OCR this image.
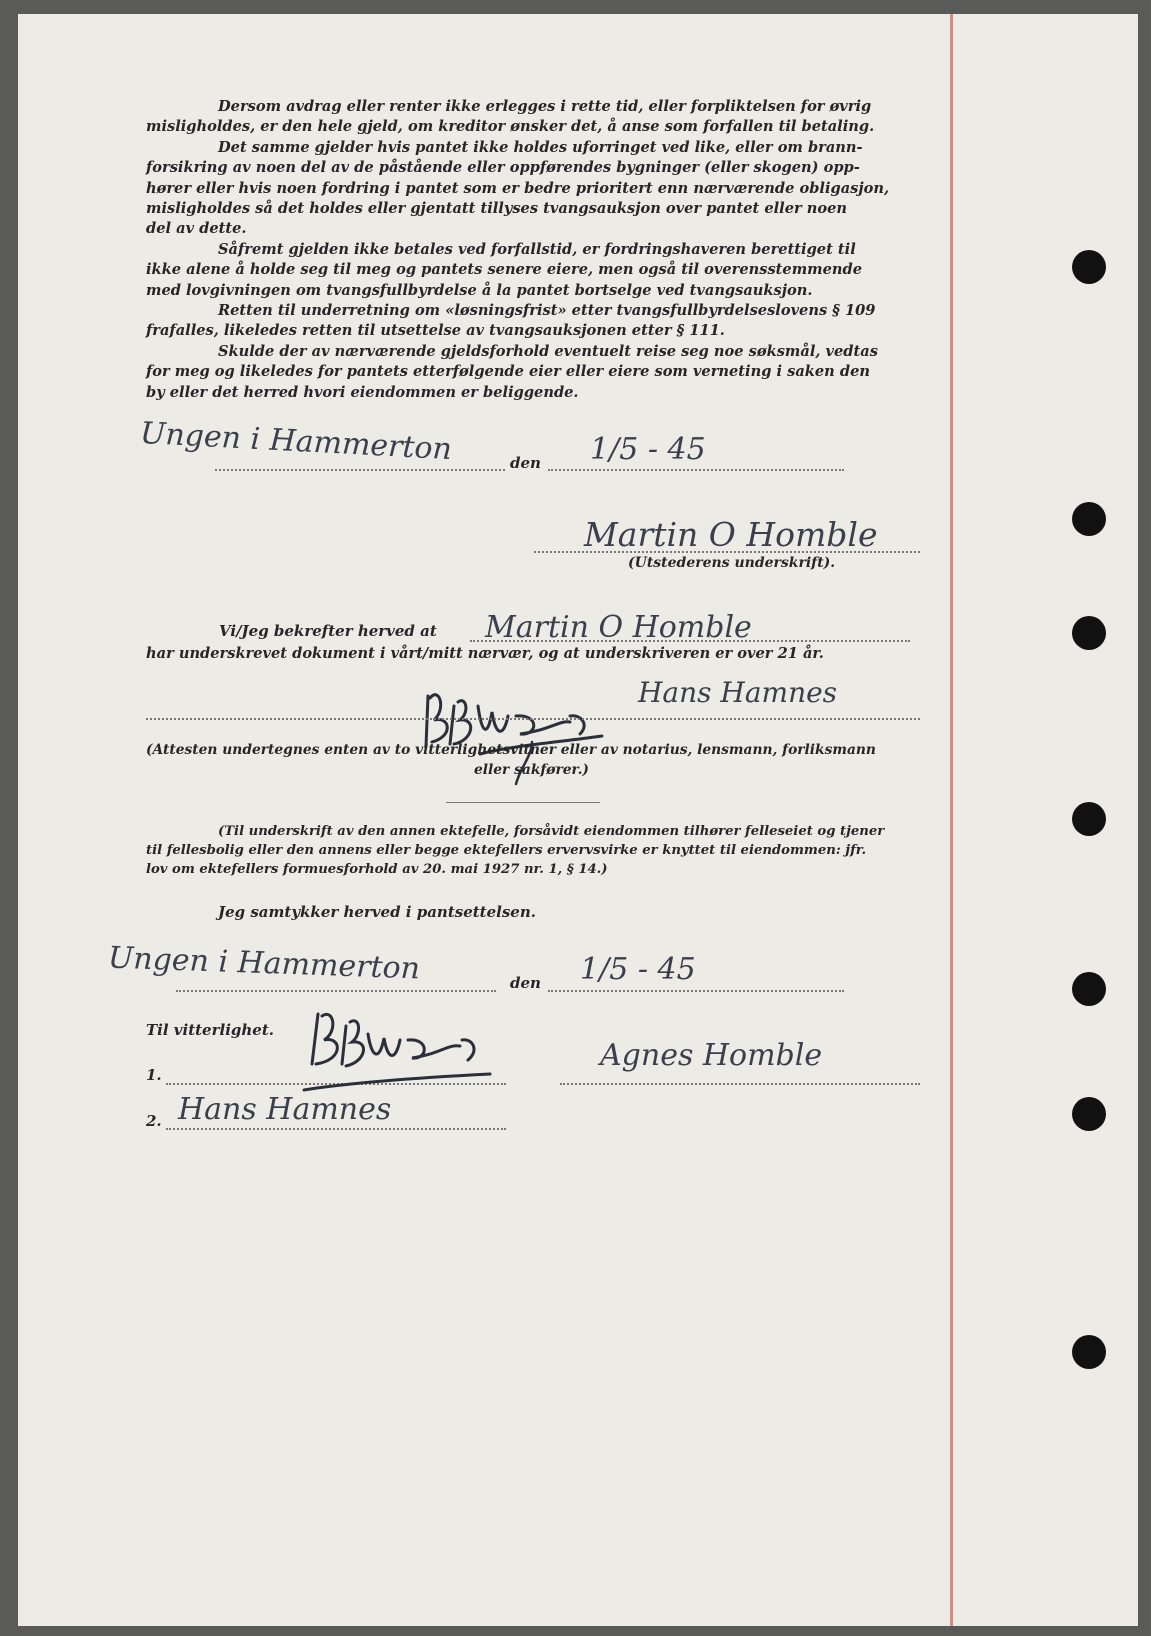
Dersom avdrag eller renter ikke erlegges i rette tid, eller forpliktelsen for øvrig
misligholdes, er den hele gjeld, om kreditor ønsker det, å anse som forfallen til betaling.
Det samme gjelder hvis pantet ikke holdes uforringet ved like, eller om brann-
forsikring av noen del av de påstående eller oppførendes bygninger (eller skogen) opp-
hører eller hvis noen fordring i pantet som er bedre prioritert enn nærværende obligasjon,
misligholdes så det holdes eller gjentatt tillyses tvangsauksjon over pantet eller noen
del av dette.
Såfremt gjelden ikke betales ved forfallstid, er fordringshaveren berettiget til
ikke alene å holde seg til meg og pantets senere eiere, men også til overensstemmende
med lovgivningen om tvangsfullbyrdelse å la pantet bortselge ved tvangsauksjon.
Retten til underretning om «løsningsfrist» etter tvangsfullbyrdelseslovens § 109
frafalles, likeledes retten til utsettelse av tvangsauksjonen etter § 111.
Skulde der av nærværende gjeldsforhold eventuelt reise seg noe søksmål, vedtas
for meg og likeledes for pantets etterfølgende eier eller eiere som verneting i saken den
by eller det herred hvori eiendommen er beliggende.
Ungen i Hammerton	den 1/5 - 45
Martin O Homble
(Utstederens underskrift).
Vi/Jeg bekrefter herved at Martin O Homble
har underskrevet dokument i vårt/mitt nærvær, og at underskriveren er over 21 år.
Hans Hamnes
(Attesten undertegnes enten av to vitterlighetsvitner eller av notarius, lensmann, forliksmann
eller sakfører.)
(Til underskrift av den annen ektefelle, forsåvidt eiendommen tilhører felleseiet og tjener
til fellesbolig eller den annens eller begge ektefellers ervervsvirke er knyttet til eiendommen: jfr.
lov om ektefellers formuesforhold av 20. mai 1927 nr. 1, § 14.)
Jeg samtykker herved i pantsettelsen.
Ungen i Hammerton	den 1/5 - 45
Til vitterlighet.
1.
Agnes Homble
2. Hans Hamnes
